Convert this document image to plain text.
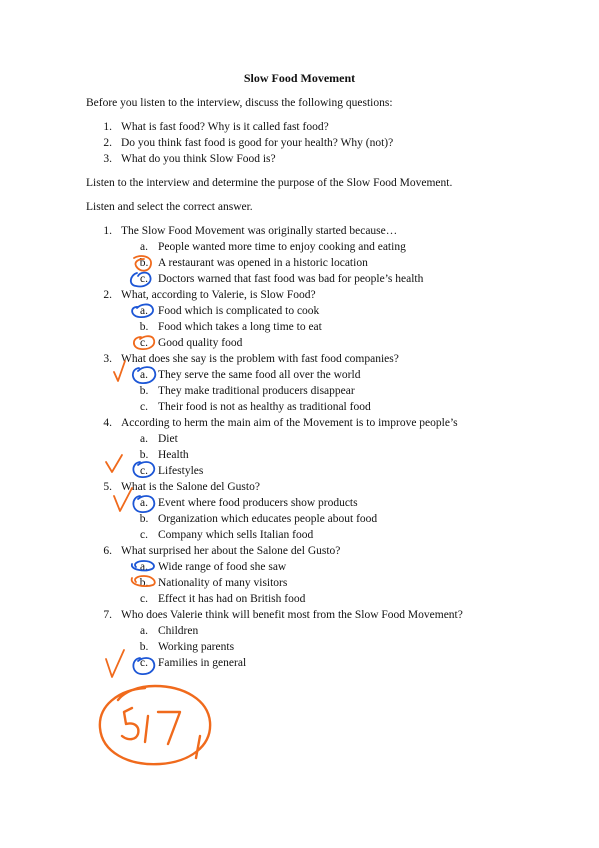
Slow Food Movement
Before you listen to the interview, discuss the following questions:
1. What is fast food? Why is it called fast food?
2. Do you think fast food is good for your health? Why (not)?
3. What do you think Slow Food is?
Listen to the interview and determine the purpose of the Slow Food Movement.
Listen and select the correct answer.
1. The Slow Food Movement was originally started because…
a. People wanted more time to enjoy cooking and eating
b. A restaurant was opened in a historic location
c. Doctors warned that fast food was bad for people’s health
2. What, according to Valerie, is Slow Food?
a. Food which is complicated to cook
b. Food which takes a long time to eat
c. Good quality food
3. What does she say is the problem with fast food companies?
a. They serve the same food all over the world
b. They make traditional producers disappear
c. Their food is not as healthy as traditional food
4. According to herm the main aim of the Movement is to improve people’s
a. Diet
b. Health
c. Lifestyles
5. What is the Salone del Gusto?
a. Event where food producers show products
b. Organization which educates people about food
c. Company which sells Italian food
6. What surprised her about the Salone del Gusto?
a. Wide range of food she saw
b. Nationality of many visitors
c. Effect it has had on British food
7. Who does Valerie think will benefit most from the Slow Food Movement?
a. Children
b. Working parents
c. Families in general
